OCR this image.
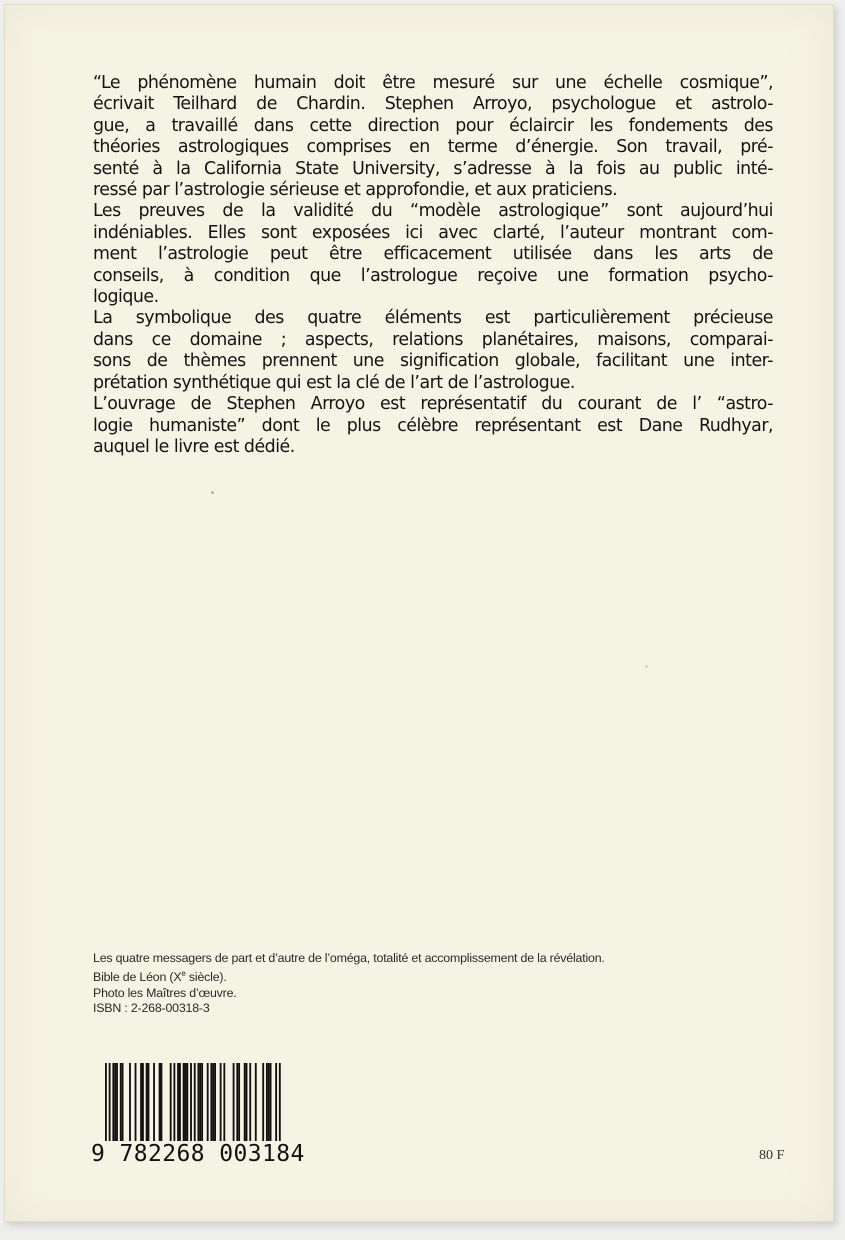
“Le phénomène humain doit être mesuré sur une échelle cosmique”,
écrivait Teilhard de Chardin. Stephen Arroyo, psychologue et astrolo-
gue, a travaillé dans cette direction pour éclaircir les fondements des
théories astrologiques comprises en terme d’énergie. Son travail, pré-
senté à la California State University, s’adresse à la fois au public inté-
ressé par l’astrologie sérieuse et approfondie, et aux praticiens.
Les preuves de la validité du “modèle astrologique” sont aujourd’hui
indéniables. Elles sont exposées ici avec clarté, l’auteur montrant com-
ment l’astrologie peut être efficacement utilisée dans les arts de
conseils, à condition que l’astrologue reçoive une formation psycho-
logique.
La symbolique des quatre éléments est particulièrement précieuse
dans ce domaine ; aspects, relations planétaires, maisons, comparai-
sons de thèmes prennent une signification globale, facilitant une inter-
prétation synthétique qui est la clé de l’art de l’astrologue.
L’ouvrage de Stephen Arroyo est représentatif du courant de l’ “astro-
logie humaniste” dont le plus célèbre représentant est Dane Rudhyar,
auquel le livre est dédié.
Les quatre messagers de part et d’autre de l’oméga, totalité et accomplissement de la révélation.
Bible de Léon (Xe siècle).
Photo les Maîtres d’œuvre.
ISBN : 2-268-00318-3
9 782268 003184	80 F
